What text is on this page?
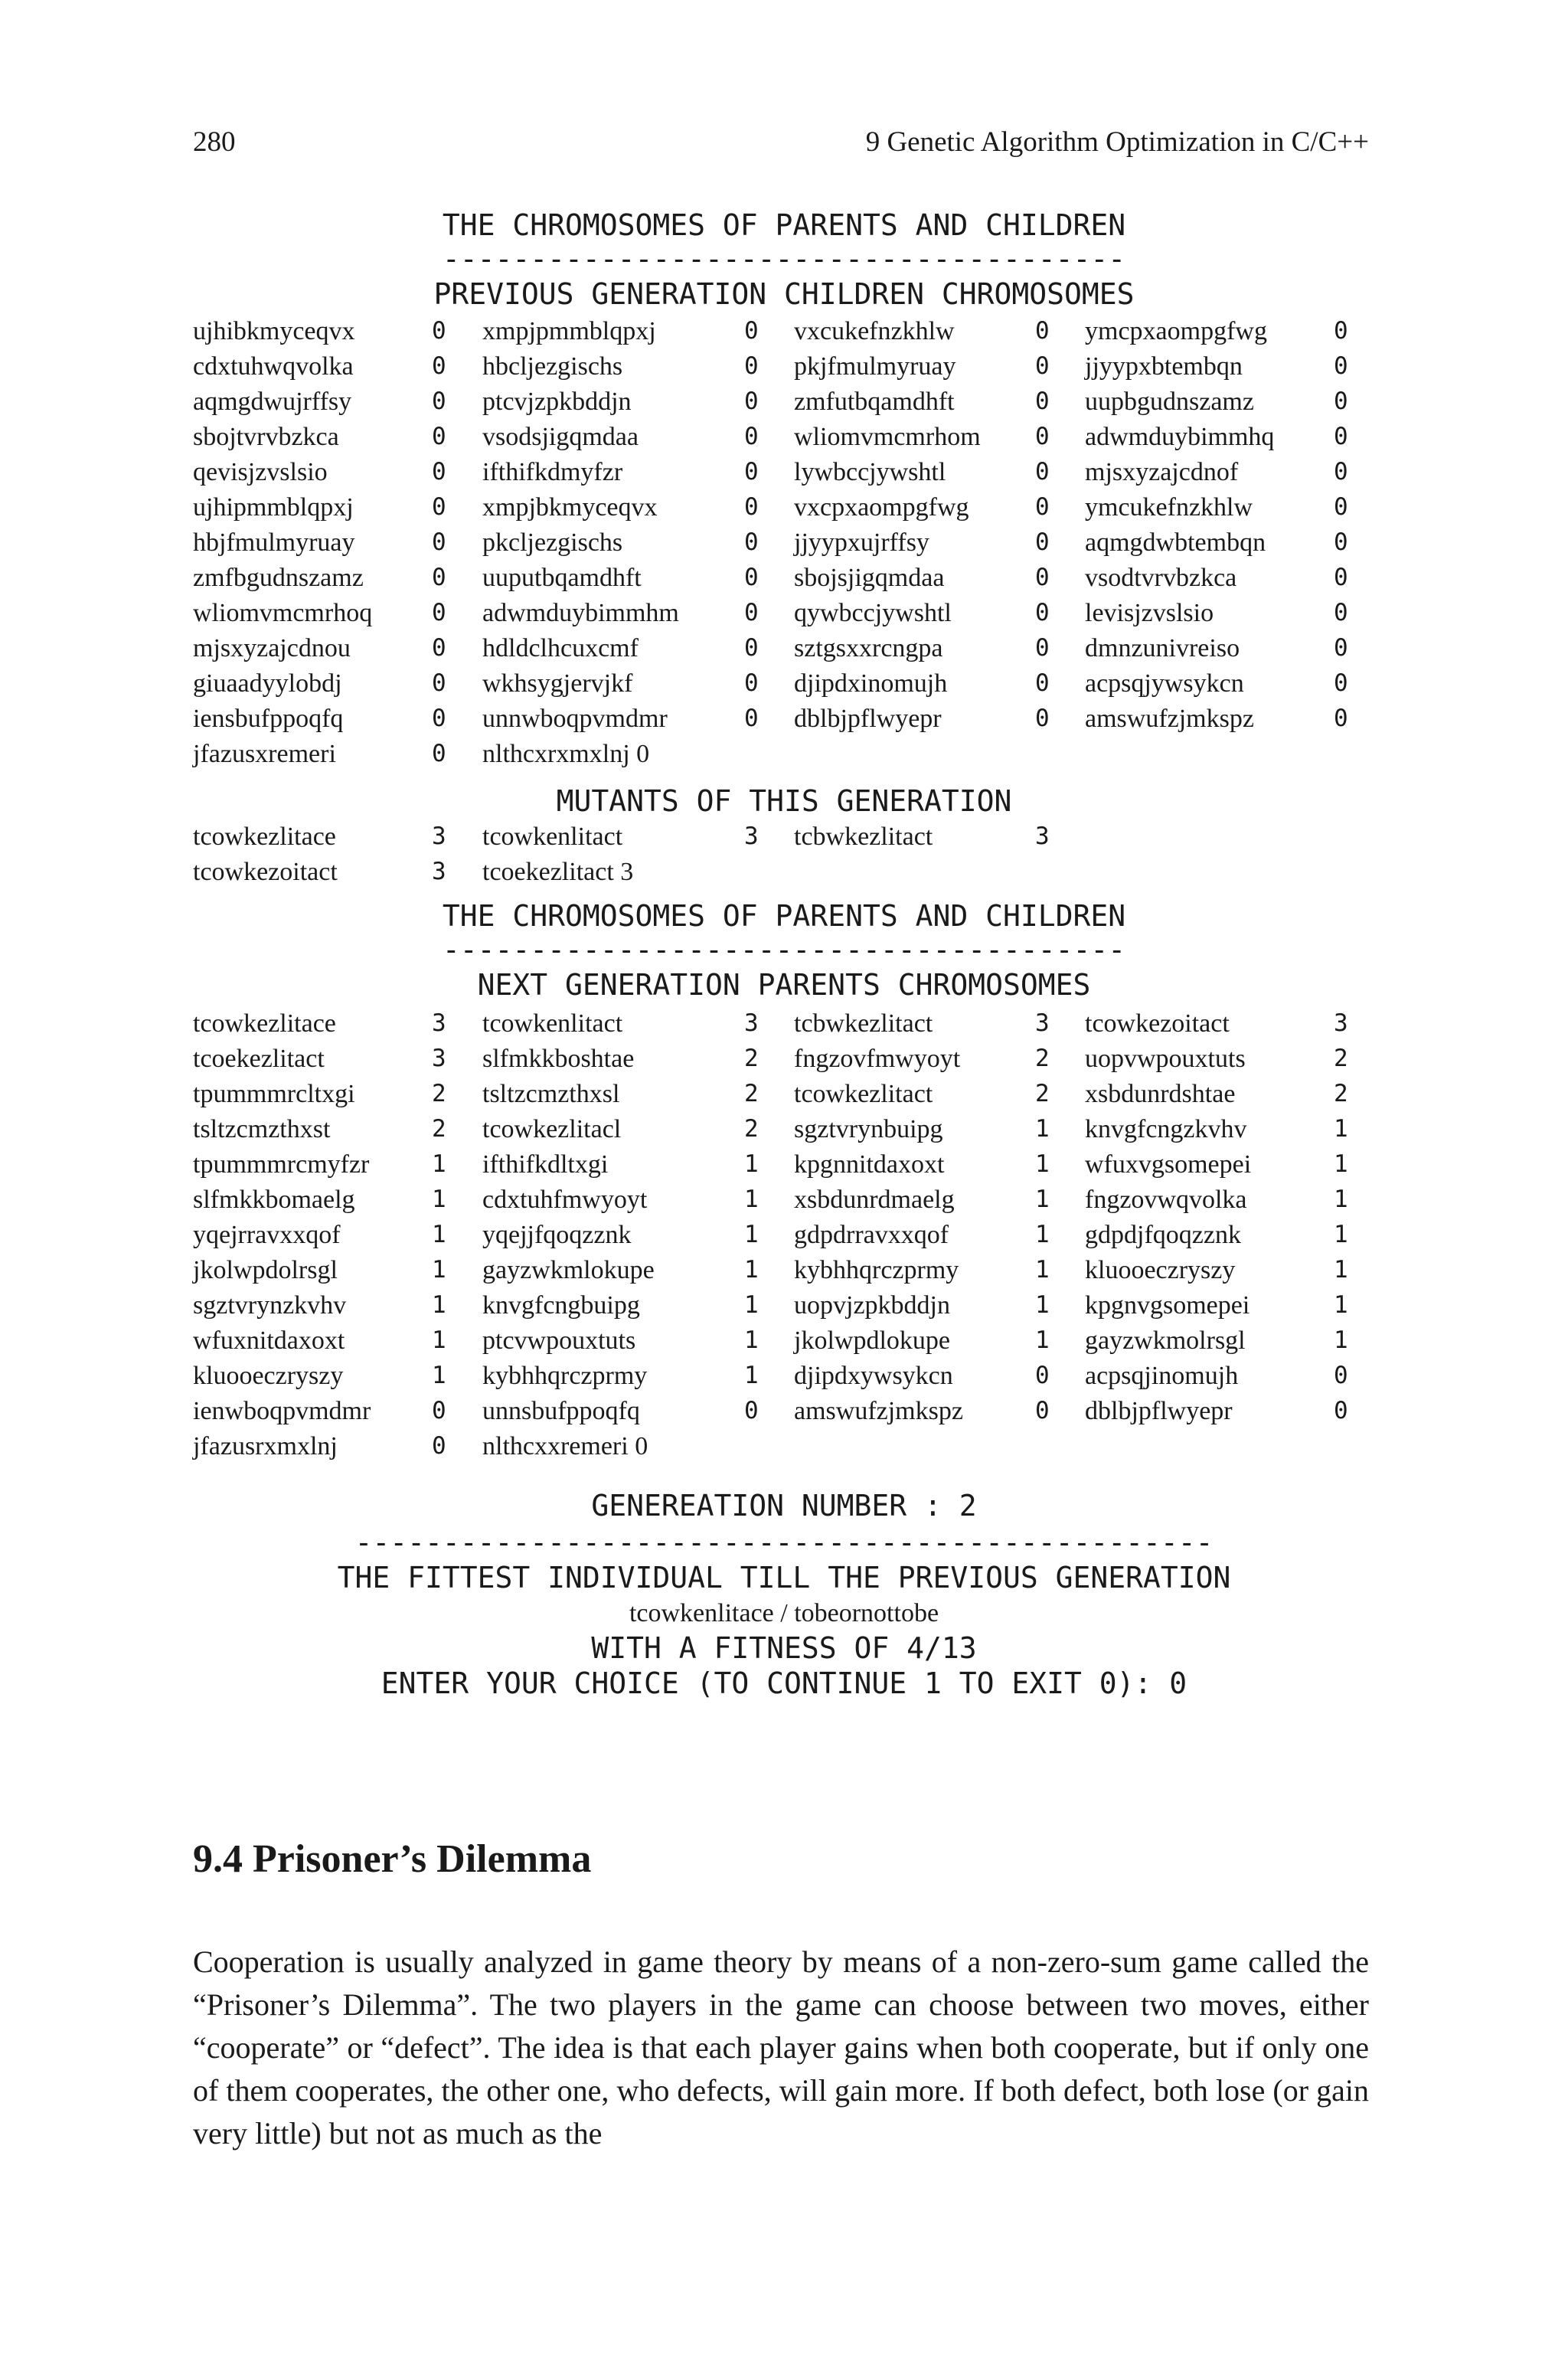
280	9 Genetic Algorithm Optimization in C/C++
THE CHROMOSOMES OF PARENTS AND CHILDREN
---------------------------------------
PREVIOUS GENERATION CHILDREN CHROMOSOMES
ujhibkmyceqvx	0 xmpjpmmblqpxj	0 vxcukefnzkhlw	0 ymcpxaompgfwg	0
cdxtuhwqvolka	0 hbcljezgischs	0 pkjfmulmyruay	0 jjyypxbtembqn	0
aqmgdwujrffsy	0 ptcvjzpkbddjn	0 zmfutbqamdhft	0 uupbgudnszamz	0
sbojtvrvbzkca	0 vsodsjigqmdaa	0 wliomvmcmrhom 0 adwmduybimmhq	0
qevisjzvslsio	0 ifthifkdmyfzr	0 lywbccjywshtl	0 mjsxyzajcdnof	0
ujhipmmblqpxj	0 xmpjbkmyceqvx	0 vxcpxaompgfwg	0 ymcukefnzkhlw	0
hbjfmulmyruay	0 pkcljezgischs	0 jjyypxujrffsy	0 aqmgdwbtembqn	0
zmfbgudnszamz	0 uuputbqamdhft	0 sbojsjigqmdaa	0 vsodtvrvbzkca	0
wliomvmcmrhoq	0 adwmduybimmhm	0 qywbccjywshtl	0 levisjzvslsio	0
mjsxyzajcdnou	0 hdldclhcuxcmf	0 sztgsxxrcngpa	0 dmnzunivreiso	0
giuaadyylobdj	0 wkhsygjervjkf	0 djipdxinomujh	0 acpsqjywsykcn	0
iensbufppoqfq	0 unnwboqpvmdmr	0 dblbjpflwyepr	0 amswufzjmkspz	0
jfazusxremeri	0 nlthcxrxmxlnj 0
MUTANTS OF THIS GENERATION
tcowkezlitace	3 tcowkenlitact	3 tcbwkezlitact	3
tcowkezoitact	3 tcoekezlitact 3
THE CHROMOSOMES OF PARENTS AND CHILDREN
---------------------------------------
NEXT GENERATION PARENTS CHROMOSOMES
tcowkezlitace	3 tcowkenlitact	3 tcbwkezlitact	3 tcowkezoitact	3
tcoekezlitact	3 slfmkkboshtae	2 fngzovfmwyoyt	2 uopvwpouxtuts	2
tpummmrcltxgi	2 tsltzcmzthxsl	2 tcowkezlitact	2 xsbdunrdshtae	2
tsltzcmzthxst	2 tcowkezlitacl	2 sgztvrynbuipg	1 knvgfcngzkvhv	1
tpummmrcmyfzr	1 ifthifkdltxgi	1 kpgnnitdaxoxt	1 wfuxvgsomepei	1
slfmkkbomaelg	1 cdxtuhfmwyoyt	1 xsbdunrdmaelg	1 fngzovwqvolka	1
yqejrravxxqof	1 yqejjfqoqzznk	1 gdpdrravxxqof	1 gdpdjfqoqzznk	1
jkolwpdolrsgl	1 gayzwkmlokupe	1 kybhhqrczprmy	1 kluooeczryszy	1
sgztvrynzkvhv	1 knvgfcngbuipg	1 uopvjzpkbddjn	1 kpgnvgsomepei	1
wfuxnitdaxoxt	1 ptcvwpouxtuts	1 jkolwpdlokupe	1 gayzwkmolrsgl	1
kluooeczryszy	1 kybhhqrczprmy	1 djipdxywsykcn	0 acpsqjinomujh	0
ienwboqpvmdmr	0 unnsbufppoqfq	0 amswufzjmkspz	0 dblbjpflwyepr	0
jfazusrxmxlnj	0 nlthcxxremeri 0
GENEREATION NUMBER : 2
-------------------------------------------------
THE FITTEST INDIVIDUAL TILL THE PREVIOUS GENERATION
tcowkenlitace / tobeornottobe
WITH A FITNESS OF 4/13
ENTER YOUR CHOICE (TO CONTINUE 1 TO EXIT 0): 0
9.4 Prisoner’s Dilemma
Cooperation is usually analyzed in game theory by means of a non-zero-sum game called the “Prisoner’s Dilemma”. The two players in the game can choose between two moves, either “cooperate” or “defect”. The idea is that each player gains when both cooperate, but if only one of them cooperates, the other one, who defects, will gain more. If both defect, both lose (or gain very little) but not as much as the
